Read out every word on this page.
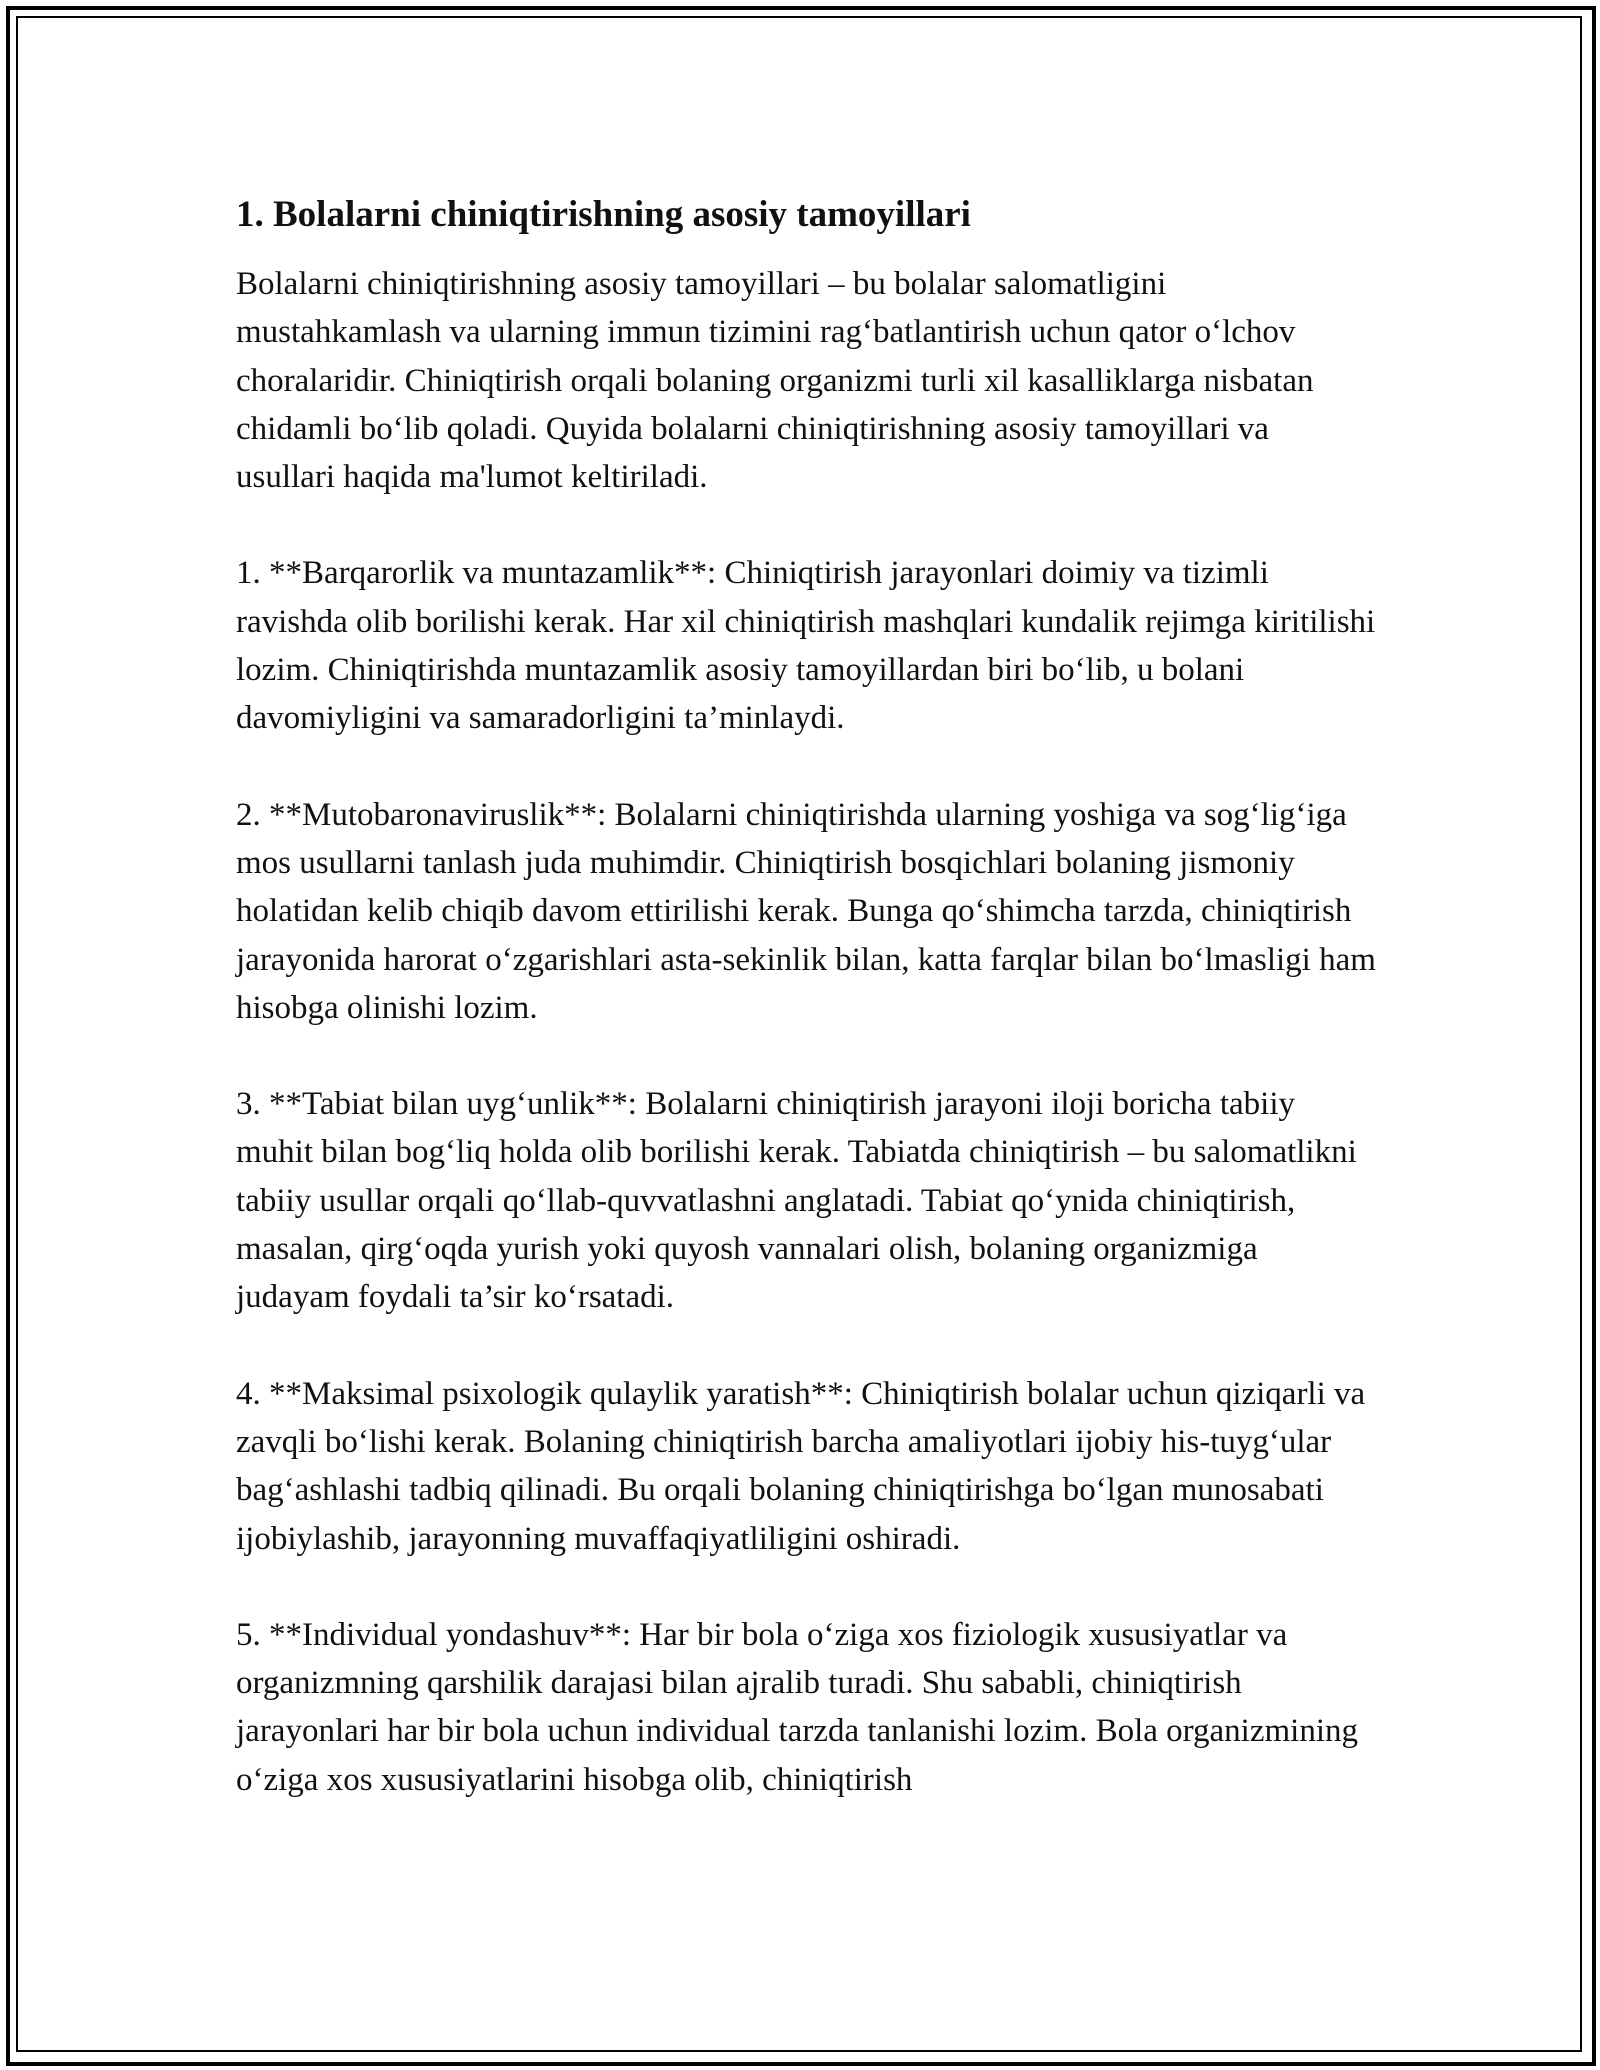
1. Bolalarni chiniqtirishning asosiy tamoyillari

Bolalarni chiniqtirishning asosiy tamoyillari – bu bolalar salomatligini mustahkamlash va ularning immun tizimini rag‘batlantirish uchun qator o‘lchov choralaridir. Chiniqtirish orqali bolaning organizmi turli xil kasalliklarga nisbatan chidamli bo‘lib qoladi. Quyida bolalarni chiniqtirishning asosiy tamoyillari va usullari haqida ma'lumot keltiriladi.

1. **Barqarorlik va muntazamlik**: Chiniqtirish jarayonlari doimiy va tizimli ravishda olib borilishi kerak. Har xil chiniqtirish mashqlari kundalik rejimga kiritilishi lozim. Chiniqtirishda muntazamlik asosiy tamoyillardan biri bo‘lib, u bolani davomiyligini va samaradorligini ta’minlaydi.

2. **Mutobaronaviruslik**: Bolalarni chiniqtirishda ularning yoshiga va sog‘lig‘iga mos usullarni tanlash juda muhimdir. Chiniqtirish bosqichlari bolaning jismoniy holatidan kelib chiqib davom ettirilishi kerak. Bunga qo‘shimcha tarzda, chiniqtirish jarayonida harorat o‘zgarishlari asta-sekinlik bilan, katta farqlar bilan bo‘lmasligi ham hisobga olinishi lozim.

3. **Tabiat bilan uyg‘unlik**: Bolalarni chiniqtirish jarayoni iloji boricha tabiiy muhit bilan bog‘liq holda olib borilishi kerak. Tabiatda chiniqtirish – bu salomatlikni tabiiy usullar orqali qo‘llab-quvvatlashni anglatadi. Tabiat qo‘ynida chiniqtirish, masalan, qirg‘oqda yurish yoki quyosh vannalari olish, bolaning organizmiga judayam foydali ta’sir ko‘rsatadi.

4. **Maksimal psixologik qulaylik yaratish**: Chiniqtirish bolalar uchun qiziqarli va zavqli bo‘lishi kerak. Bolaning chiniqtirish barcha amaliyotlari ijobiy his-tuyg‘ular bag‘ashlashi tadbiq qilinadi. Bu orqali bolaning chiniqtirishga bo‘lgan munosabati ijobiylashib, jarayonning muvaffaqiyatliligini oshiradi.

5. **Individual yondashuv**: Har bir bola o‘ziga xos fiziologik xususiyatlar va organizmning qarshilik darajasi bilan ajralib turadi. Shu sababli, chiniqtirish jarayonlari har bir bola uchun individual tarzda tanlanishi lozim. Bola organizmining o‘ziga xos xususiyatlarini hisobga olib, chiniqtirish
